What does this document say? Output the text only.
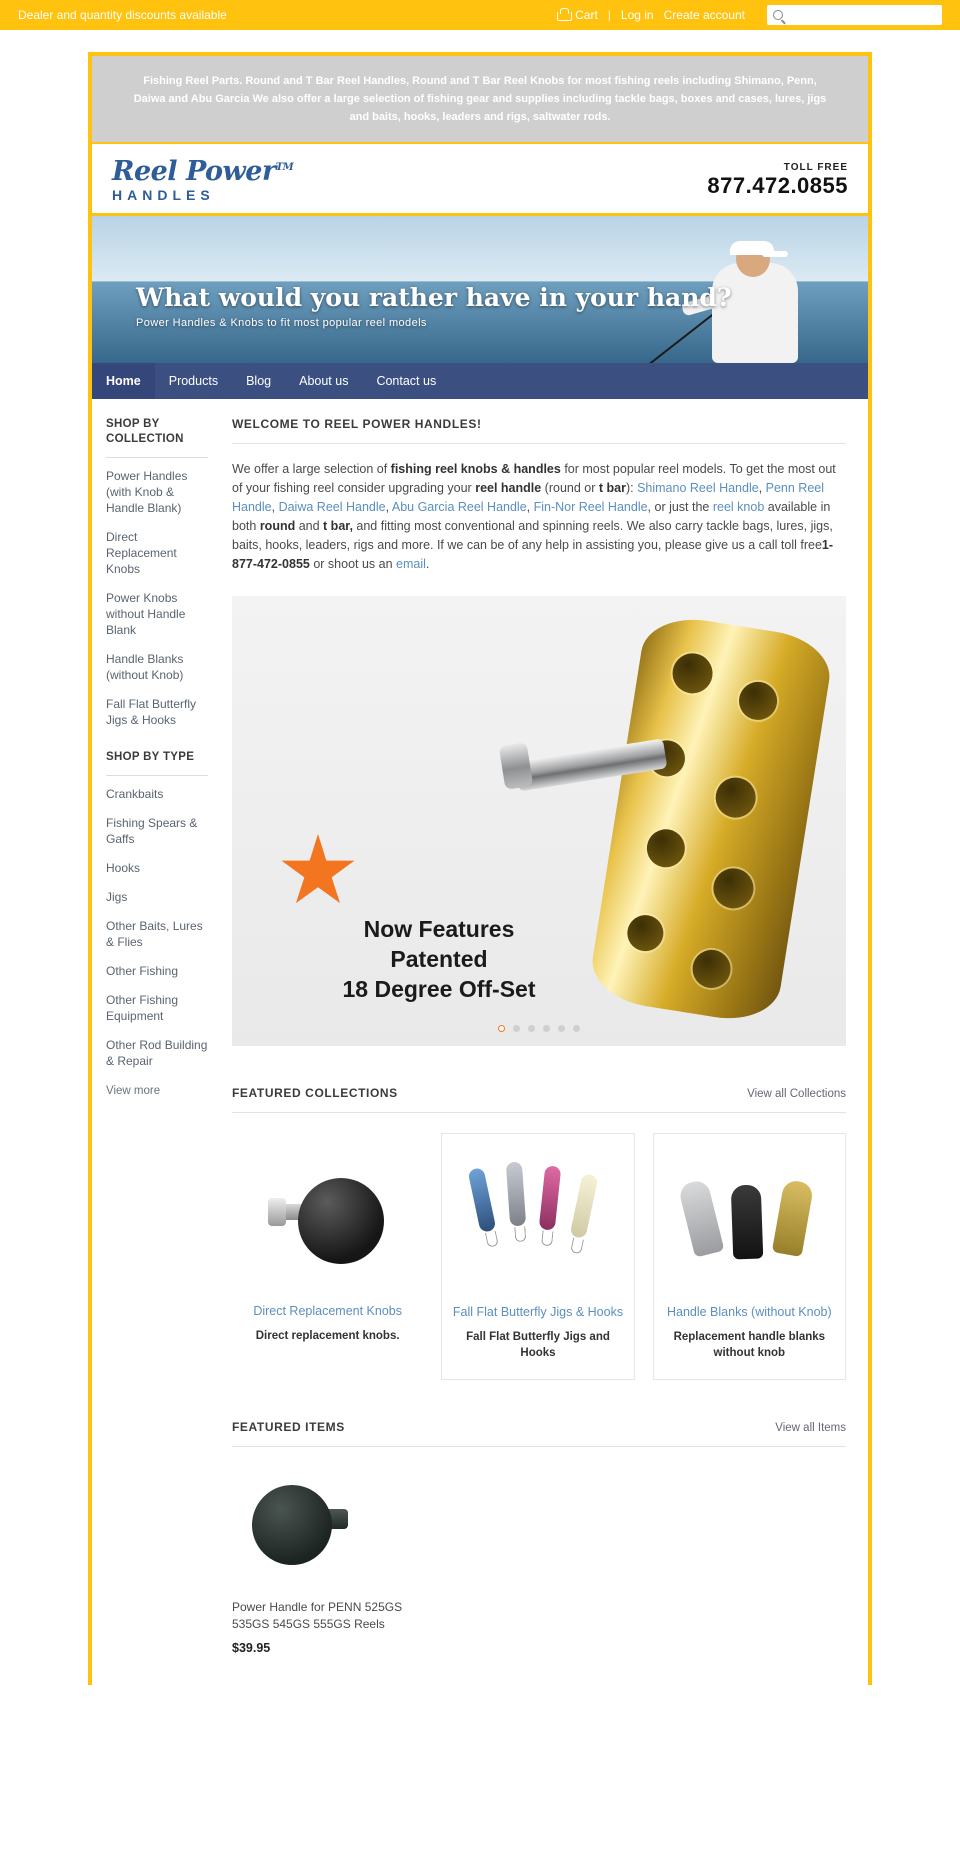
Dealer and quantity discounts available	Cart | Log in Create account
Fishing Reel Parts. Round and T Bar Reel Handles, Round and T Bar Reel Knobs for most fishing reels including Shimano, Penn, Daiwa and Abu Garcia We also offer a large selection of fishing gear and supplies including tackle bags, boxes and cases, lures, jigs and baits, hooks, leaders and rigs, saltwater rods.
Reel Power™
HANDLES
TOLL FREE
877.472.0855
What would you rather have in your hand?
Power Handles & Knobs to fit most popular reel models
Home	Products	Blog	About us	Contact us
SHOP BY COLLECTION
Power Handles (with Knob & Handle Blank)
Direct Replacement Knobs
Power Knobs without Handle Blank
Handle Blanks (without Knob)
Fall Flat Butterfly Jigs & Hooks
SHOP BY TYPE
Crankbaits
Fishing Spears & Gaffs
Hooks
Jigs
Other Baits, Lures & Flies
Other Fishing
Other Fishing Equipment
Other Rod Building & Repair
View more
WELCOME TO REEL POWER HANDLES!

We offer a large selection of fishing reel knobs & handles for most popular reel models. To get the most out of your fishing reel consider upgrading your reel handle (round or t bar): Shimano Reel Handle, Penn Reel Handle, Daiwa Reel Handle, Abu Garcia Reel Handle, Fin-Nor Reel Handle, or just the reel knob available in both round and t bar, and fitting most conventional and spinning reels. We also carry tackle bags, lures, jigs, baits, hooks, leaders, rigs and more. If we can be of any help in assisting you, please give us a call toll free1-877-472-0855 or shoot us an email.

Now Features
Patented
18 Degree Off-Set
FEATURED COLLECTIONS	View all Collections
Direct Replacement Knobs
Direct replacement knobs.
Fall Flat Butterfly Jigs & Hooks
Fall Flat Butterfly Jigs and Hooks
Handle Blanks (without Knob)
Replacement handle blanks without knob
FEATURED ITEMS	View all Items
Power Handle for PENN 525GS 535GS 545GS 555GS Reels
$39.95
